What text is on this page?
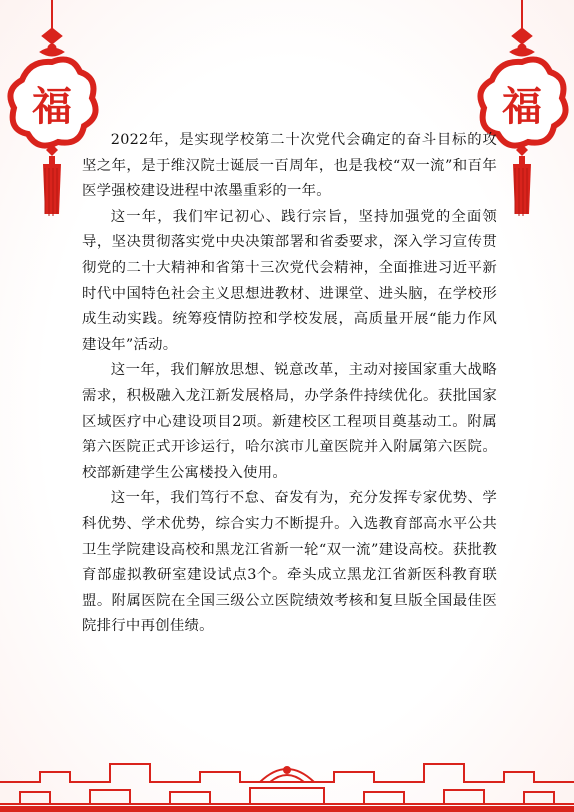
福	福

2022年，是实现学校第二十次党代会确定的奋斗目标的攻坚之年，是于维汉院士诞辰一百周年，也是我校“双一流”和百年医学强校建设进程中浓墨重彩的一年。

这一年，我们牢记初心、践行宗旨，坚持加强党的全面领导，坚决贯彻落实党中央决策部署和省委要求，深入学习宣传贯彻党的二十大精神和省第十三次党代会精神，全面推进习近平新时代中国特色社会主义思想进教材、进课堂、进头脑，在学校形成生动实践。统筹疫情防控和学校发展，高质量开展“能力作风建设年”活动。

这一年，我们解放思想、锐意改革，主动对接国家重大战略需求，积极融入龙江新发展格局，办学条件持续优化。获批国家区域医疗中心建设项目2项。新建校区工程项目奠基动工。附属第六医院正式开诊运行，哈尔滨市儿童医院并入附属第六医院。校部新建学生公寓楼投入使用。

这一年，我们笃行不怠、奋发有为，充分发挥专家优势、学科优势、学术优势，综合实力不断提升。入选教育部高水平公共卫生学院建设高校和黑龙江省新一轮“双一流”建设高校。获批教育部虚拟教研室建设试点3个。牵头成立黑龙江省新医科教育联盟。附属医院在全国三级公立医院绩效考核和复旦版全国最佳医院排行中再创佳绩。
